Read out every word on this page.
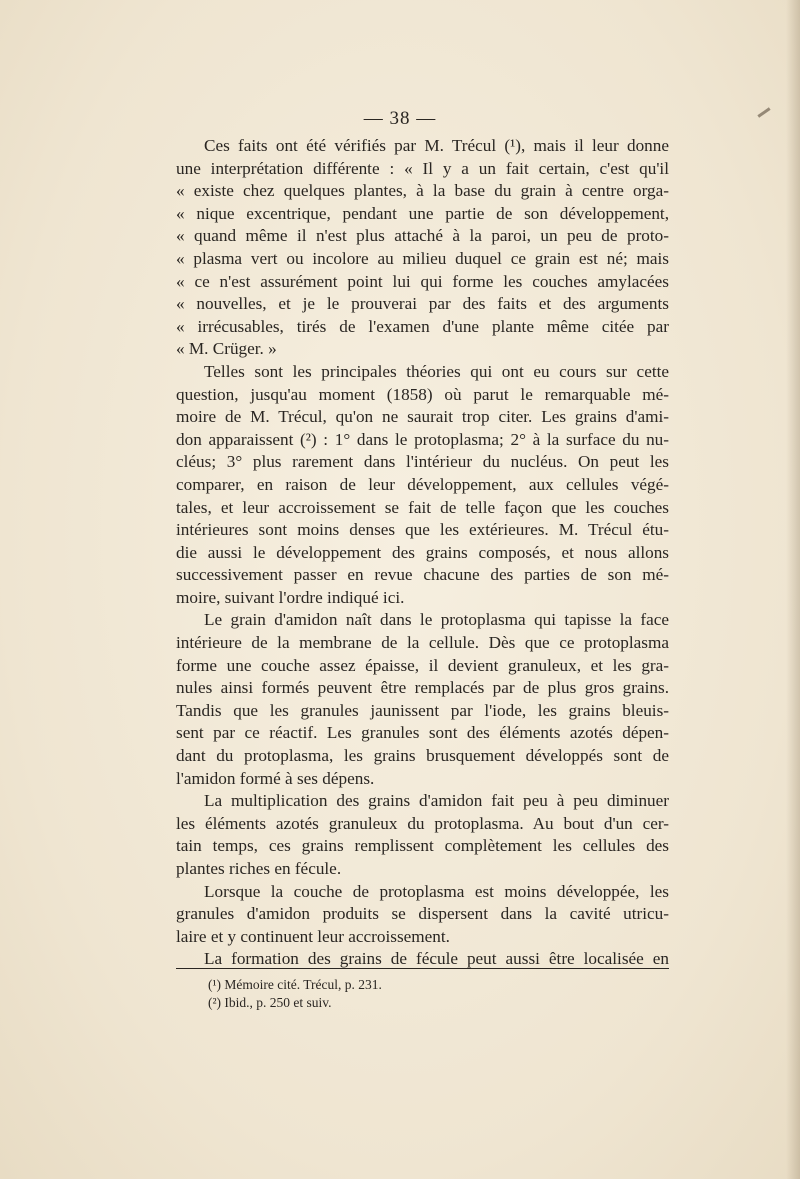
— 38 —
Ces faits ont été vérifiés par M. Trécul (¹), mais il leur donne
une interprétation différente : « Il y a un fait certain, c'est qu'il
« existe chez quelques plantes, à la base du grain à centre orga-
« nique excentrique, pendant une partie de son développement,
« quand même il n'est plus attaché à la paroi, un peu de proto-
« plasma vert ou incolore au milieu duquel ce grain est né; mais
« ce n'est assurément point lui qui forme les couches amylacées
« nouvelles, et je le prouverai par des faits et des arguments
« irrécusables, tirés de l'examen d'une plante même citée par
« M. Crüger. »
Telles sont les principales théories qui ont eu cours sur cette
question, jusqu'au moment (1858) où parut le remarquable mé-
moire de M. Trécul, qu'on ne saurait trop citer. Les grains d'ami-
don apparaissent (²) : 1° dans le protoplasma; 2° à la surface du nu-
cléus; 3° plus rarement dans l'intérieur du nucléus. On peut les
comparer, en raison de leur développement, aux cellules végé-
tales, et leur accroissement se fait de telle façon que les couches
intérieures sont moins denses que les extérieures. M. Trécul étu-
die aussi le développement des grains composés, et nous allons
successivement passer en revue chacune des parties de son mé-
moire, suivant l'ordre indiqué ici.
Le grain d'amidon naît dans le protoplasma qui tapisse la face
intérieure de la membrane de la cellule. Dès que ce protoplasma
forme une couche assez épaisse, il devient granuleux, et les gra-
nules ainsi formés peuvent être remplacés par de plus gros grains.
Tandis que les granules jaunissent par l'iode, les grains bleuis-
sent par ce réactif. Les granules sont des éléments azotés dépen-
dant du protoplasma, les grains brusquement développés sont de
l'amidon formé à ses dépens.
La multiplication des grains d'amidon fait peu à peu diminuer
les éléments azotés granuleux du protoplasma. Au bout d'un cer-
tain temps, ces grains remplissent complètement les cellules des
plantes riches en fécule.
Lorsque la couche de protoplasma est moins développée, les
granules d'amidon produits se dispersent dans la cavité utricu-
laire et y continuent leur accroissement.
La formation des grains de fécule peut aussi être localisée en
(¹) Mémoire cité. Trécul, p. 231.
(²) Ibid., p. 250 et suiv.
